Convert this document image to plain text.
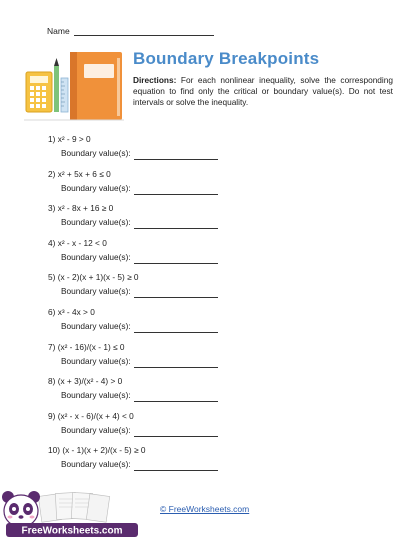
Name
Boundary Breakpoints
Directions: For each nonlinear inequality, solve the corresponding equation to find only the critical or boundary value(s). Do not test intervals or solve the inequality.
1) x² - 9 > 0
Boundary value(s):
2) x² + 5x + 6 ≤ 0
Boundary value(s):
3) x² - 8x + 16 ≥ 0
Boundary value(s):
4) x² - x - 12 < 0
Boundary value(s):
5) (x - 2)(x + 1)(x - 5) ≥ 0
Boundary value(s):
6) x³ - 4x > 0
Boundary value(s):
7) (x² - 16)/(x - 1) ≤ 0
Boundary value(s):
8) (x + 3)/(x² - 4) > 0
Boundary value(s):
9) (x² - x - 6)/(x + 4) < 0
Boundary value(s):
10) (x - 1)(x + 2)/(x - 5) ≥ 0
Boundary value(s):
FreeWorksheets.com
© FreeWorksheets.com
